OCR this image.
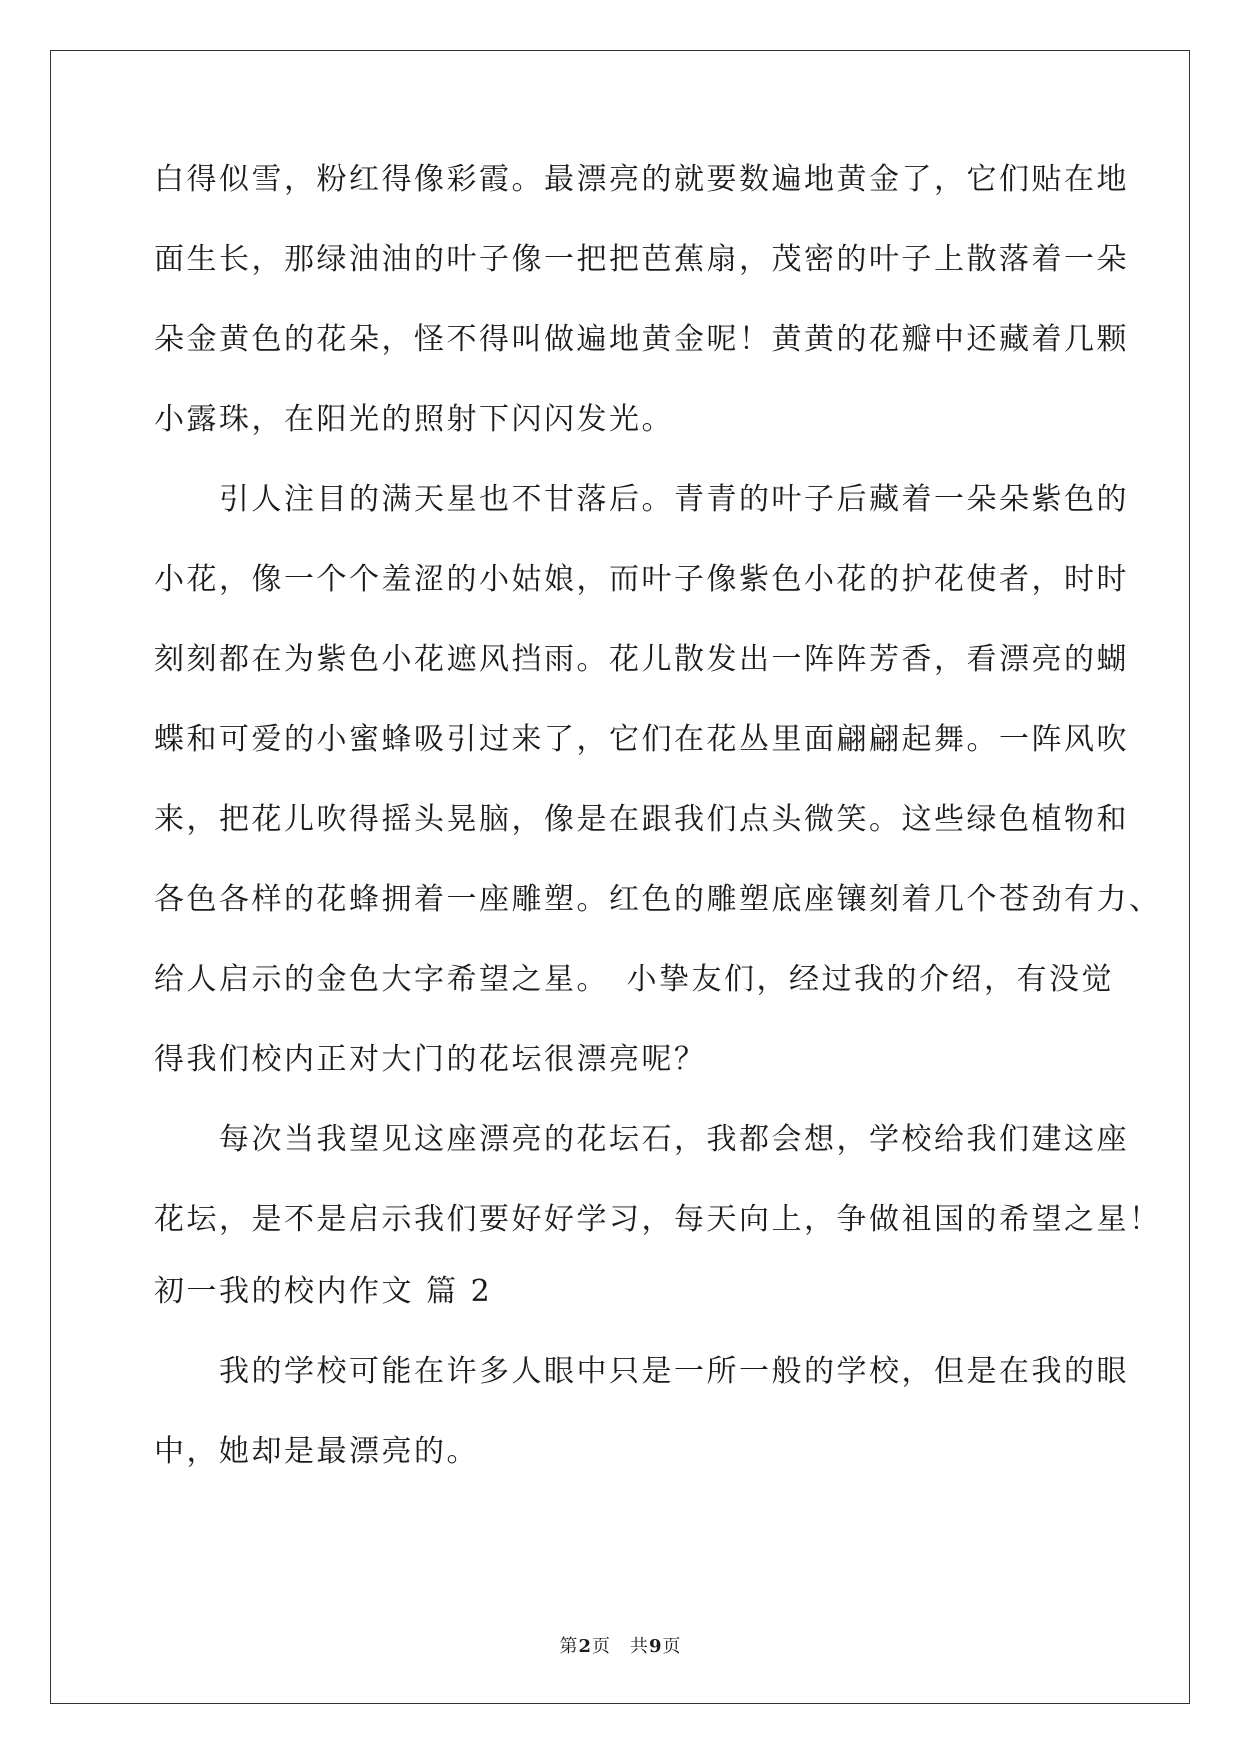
白得似雪，粉红得像彩霞。最漂亮的就要数遍地黄金了，它们贴在地
面生长，那绿油油的叶子像一把把芭蕉扇，茂密的叶子上散落着一朵
朵金黄色的花朵，怪不得叫做遍地黄金呢！黄黄的花瓣中还藏着几颗
小露珠，在阳光的照射下闪闪发光。
　　引人注目的满天星也不甘落后。青青的叶子后藏着一朵朵紫色的
小花，像一个个羞涩的小姑娘，而叶子像紫色小花的护花使者，时时
刻刻都在为紫色小花遮风挡雨。花儿散发出一阵阵芳香，看漂亮的蝴
蝶和可爱的小蜜蜂吸引过来了，它们在花丛里面翩翩起舞。一阵风吹
来，把花儿吹得摇头晃脑，像是在跟我们点头微笑。这些绿色植物和
各色各样的花蜂拥着一座雕塑。红色的雕塑底座镶刻着几个苍劲有力、
给人启示的金色大字希望之星。　小挚友们，经过我的介绍，有没觉
得我们校内正对大门的花坛很漂亮呢？
　　每次当我望见这座漂亮的花坛石，我都会想，学校给我们建这座
花坛，是不是启示我们要好好学习，每天向上，争做祖国的希望之星！
初一我的校内作文 篇 2
　　我的学校可能在许多人眼中只是一所一般的学校，但是在我的眼
中，她却是最漂亮的。
第2页　共9页
